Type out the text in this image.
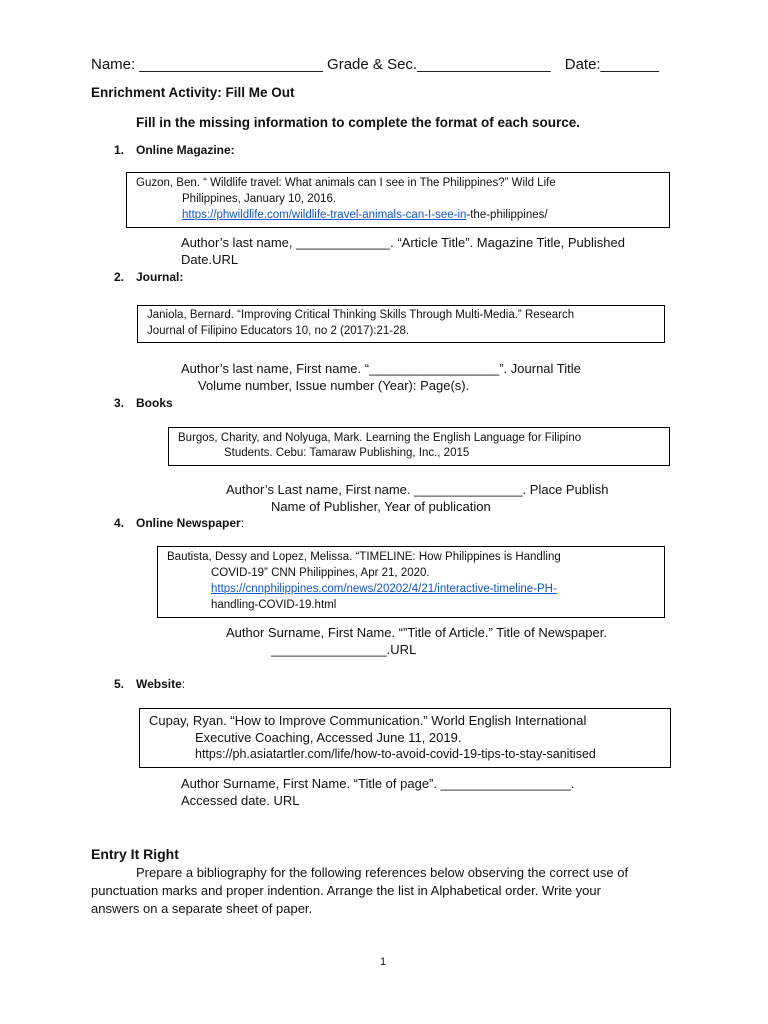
Name: ______________________ Grade & Sec.________________ Date:_______
Enrichment Activity: Fill Me Out
Fill in the missing information to complete the format of each source.
1. Online Magazine:
Guzon, Ben. “ Wildlife travel: What animals can I see in The Philippines?” Wild Life
Philippines, January 10, 2016.
https://phwildlife.com/wildlife-travel-animals-can-I-see-in-the-philippines/
Author’s last name, _____________. “Article Title”. Magazine Title, Published
Date.URL
2. Journal:
Janiola, Bernard. “Improving Critical Thinking Skills Through Multi-Media.” Research
Journal of Filipino Educators 10, no 2 (2017):21-28.
Author’s last name, First name. “__________________”. Journal Title
Volume number, Issue number (Year): Page(s).
3. Books
Burgos, Charity, and Nolyuga, Mark. Learning the English Language for Filipino
Students. Cebu: Tamaraw Publishing, Inc., 2015
Author’s Last name, First name. _______________. Place Publish
Name of Publisher, Year of publication
4. Online Newspaper:
Bautista, Dessy and Lopez, Melissa. “TIMELINE: How Philippines is Handling
COVID-19” CNN Philippines, Apr 21, 2020.
https://cnnphilippines.com/news/20202/4/21/interactive-timeline-PH-
handling-COVID-19.html
Author Surname, First Name. “”Title of Article.” Title of Newspaper.
________________.URL
5. Website:
Cupay, Ryan. “How to Improve Communication.” World English International
Executive Coaching, Accessed June 11, 2019.
https://ph.asiatartler.com/life/how-to-avoid-covid-19-tips-to-stay-sanitised
Author Surname, First Name. “Title of page”. __________________.
Accessed date. URL
Entry It Right
Prepare a bibliography for the following references below observing the correct use of
punctuation marks and proper indention. Arrange the list in Alphabetical order. Write your
answers on a separate sheet of paper.
1
